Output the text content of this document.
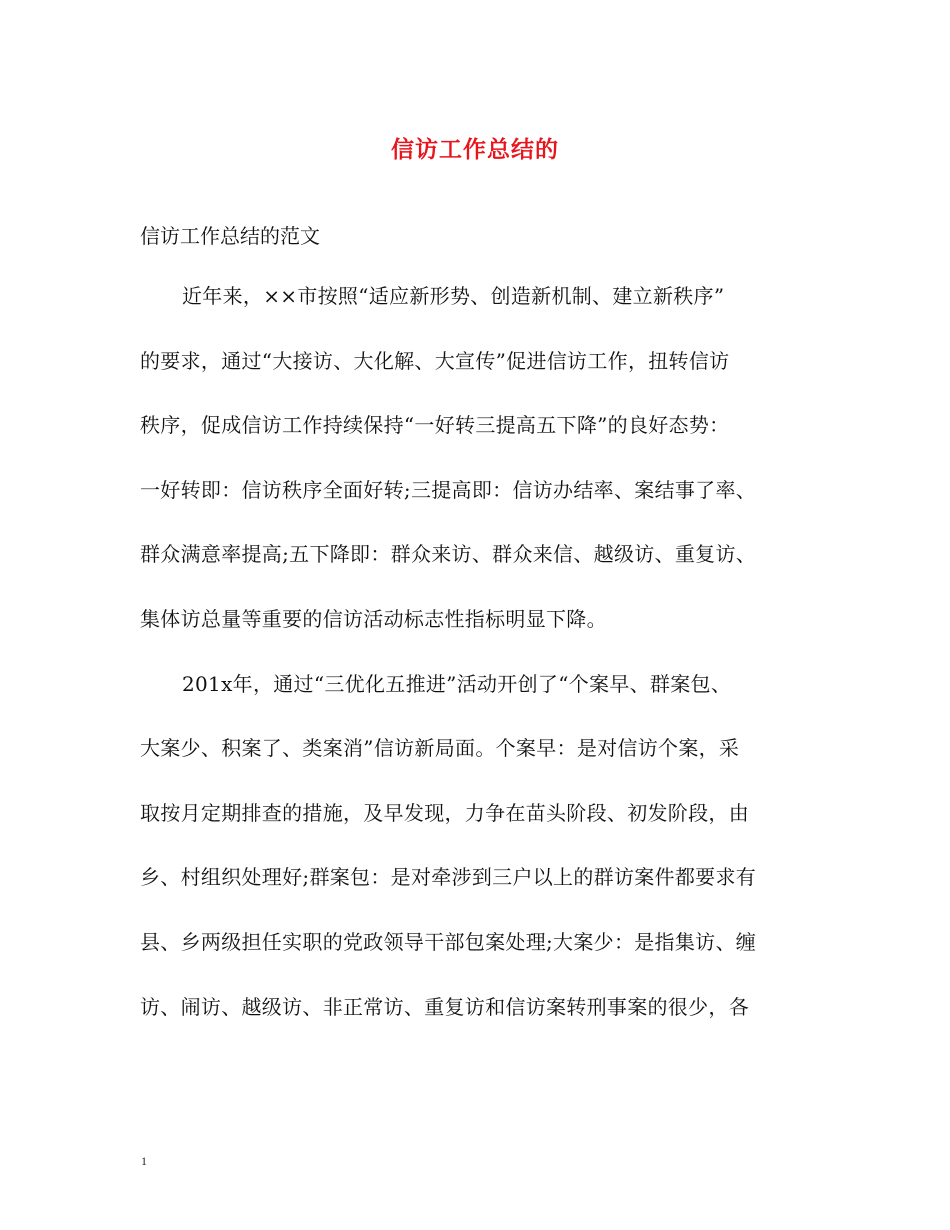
信访工作总结的
信访工作总结的范文
近年来，××市按照“适应新形势、创造新机制、建立新秩序”
的要求，通过“大接访、大化解、大宣传”促进信访工作，扭转信访
秩序，促成信访工作持续保持“一好转三提高五下降”的良好态势：
一好转即：信访秩序全面好转;三提高即：信访办结率、案结事了率、
群众满意率提高;五下降即：群众来访、群众来信、越级访、重复访、
集体访总量等重要的信访活动标志性指标明显下降。
201x年，通过“三优化五推进”活动开创了“个案早、群案包、
大案少、积案了、类案消”信访新局面。个案早：是对信访个案，采
取按月定期排查的措施，及早发现，力争在苗头阶段、初发阶段，由
乡、村组织处理好;群案包：是对牵涉到三户以上的群访案件都要求有
县、乡两级担任实职的党政领导干部包案处理;大案少：是指集访、缠
访、闹访、越级访、非正常访、重复访和信访案转刑事案的很少，各
1
